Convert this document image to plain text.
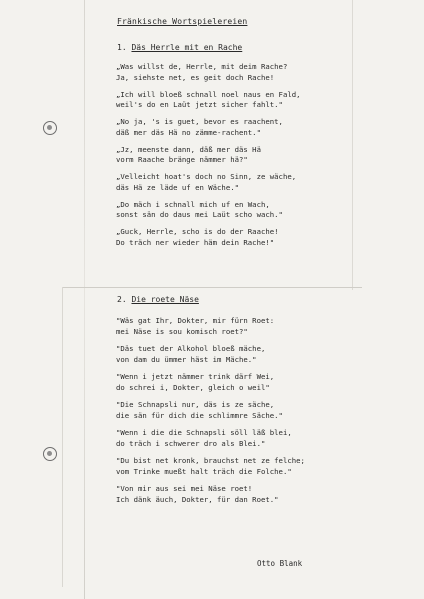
Fränkische Wortspielereien
1. Däs Herrle mit en Rache

„Was willst de, Herrle, mit deim Rache?
Ja, siehste net, es geit doch Rache!

„Ich will bloeß schnall noel naus en Fald,
weil's do en Laüt jetzt sicher fahlt."

„No ja, 's is guet, bevor es raachent,
däß mer däs Hä no zämme-rachent."

„Jz, meenste dann, däß mer däs Hä
vorm Raache bränge nämmer hä?"

„Velleicht hoat's doch no Sinn, ze wäche,
däs Hä ze läde uf en Wäche."

„Do mäch i schnall mich uf en Wach,
sonst sän do daus mei Laüt scho wach."

„Guck, Herrle, scho is do der Raache!
Do träch ner wieder häm dein Rache!"

2. Die roete Näse

"Wäs gat Ihr, Dokter, mir fürn Roet:
mei Näse is sou komisch roet?"

"Däs tuet der Alkohol bloeß mäche,
von dam du ümmer häst im Mäche."

"Wenn i jetzt nämmer trink därf Wei,
do schrei i, Dokter, gleich o weil"

"Die Schnapsli nur, däs is ze säche,
die sän für dich die schlimmre Säche."

"Wenn i die die Schnapsli söll läß blei,
do träch i schwerer dro als Blei."

"Du bist net kronk, brauchst net ze felche;
vom Trinke mueßt halt träch die Folche."

"Von mir aus sei mei Näse roet!
Ich dänk äuch, Dokter, für dan Roet."

Otto Blank
